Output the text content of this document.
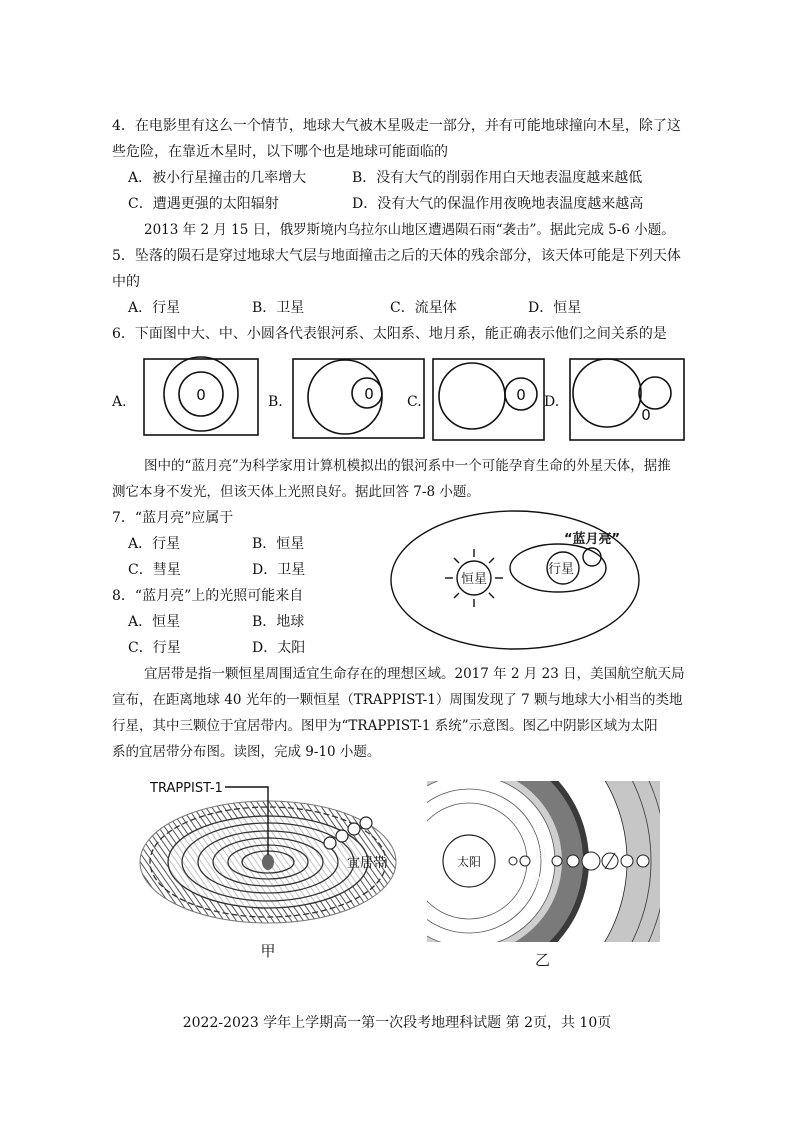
4．在电影里有这么一个情节，地球大气被木星吸走一部分，并有可能地球撞向木星，除了这
些危险，在靠近木星时，以下哪个也是地球可能面临的
A．被小行星撞击的几率增大	B．没有大气的削弱作用白天地表温度越来越低
C．遭遇更强的太阳辐射	D．没有大气的保温作用夜晚地表温度越来越高
2013 年 2 月 15 日，俄罗斯境内乌拉尔山地区遭遇陨石雨“袭击”。据此完成 5-6 小题。
5．坠落的陨石是穿过地球大气层与地面撞击之后的天体的残余部分，该天体可能是下列天体
中的
A．行星	B．卫星	C．流星体	D．恒星
6．下面图中大、中、小圆各代表银河系、太阳系、地月系，能正确表示他们之间关系的是
A.	B.	C.	D.
0	0	0
0
图中的“蓝月亮”为科学家用计算机模拟出的银河系中一个可能孕育生命的外星天体，据推
测它本身不发光，但该天体上光照良好。据此回答 7-8 小题。
7．“蓝月亮”应属于
A．行星	B．恒星
C．彗星	D．卫星
8．“蓝月亮”上的光照可能来自
A．恒星	B．地球
C．行星	D．太阳
恒星
行星
“蓝月亮”
宜居带是指一颗恒星周围适宜生命存在的理想区域。2017 年 2 月 23 日，美国航空航天局
宣布，在距离地球 40 光年的一颗恒星（TRAPPIST-1）周围发现了 7 颗与地球大小相当的类地
行星，其中三颗位于宜居带内。图甲为“TRAPPIST-1 系统”示意图。图乙中阴影区域为太阳
系的宜居带分布图。读图，完成 9-10 小题。
TRAPPIST-1
宜居带
甲
太阳
宜
居
带
乙
2022-2023 学年上学期高一第一次段考地理科试题 第 2页，共 10页
